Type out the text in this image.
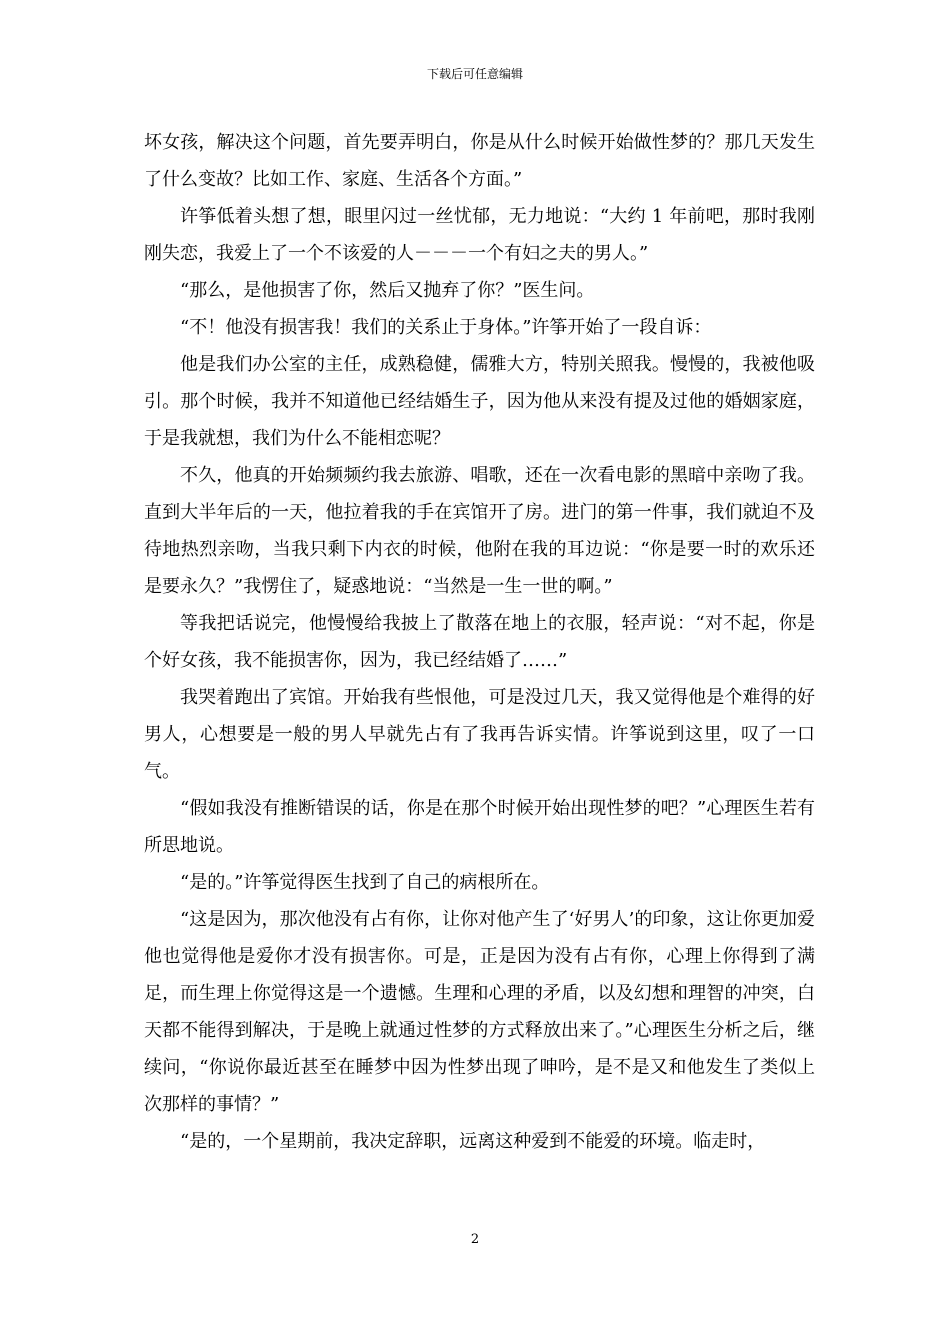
下载后可任意编辑

坏女孩，解决这个问题，首先要弄明白，你是从什么时候开始做性梦的？那几天发生了什么变故？比如工作、家庭、生活各个方面。”

许筝低着头想了想，眼里闪过一丝忧郁，无力地说：“大约 1 年前吧，那时我刚刚失恋，我爱上了一个不该爱的人－－－一个有妇之夫的男人。”

“那么，是他损害了你，然后又抛弃了你？”医生问。

“不！他没有损害我！我们的关系止于身体。”许筝开始了一段自诉：

他是我们办公室的主任，成熟稳健，儒雅大方，特别关照我。慢慢的，我被他吸引。那个时候，我并不知道他已经结婚生子，因为他从来没有提及过他的婚姻家庭，于是我就想，我们为什么不能相恋呢？

不久，他真的开始频频约我去旅游、唱歌，还在一次看电影的黑暗中亲吻了我。直到大半年后的一天，他拉着我的手在宾馆开了房。进门的第一件事，我们就迫不及待地热烈亲吻，当我只剩下内衣的时候，他附在我的耳边说：“你是要一时的欢乐还是要永久？”我愣住了，疑惑地说：“当然是一生一世的啊。”

等我把话说完，他慢慢给我披上了散落在地上的衣服，轻声说：“对不起，你是个好女孩，我不能损害你，因为，我已经结婚了……”

我哭着跑出了宾馆。开始我有些恨他，可是没过几天，我又觉得他是个难得的好男人，心想要是一般的男人早就先占有了我再告诉实情。许筝说到这里，叹了一口气。

“假如我没有推断错误的话，你是在那个时候开始出现性梦的吧？”心理医生若有所思地说。

“是的。”许筝觉得医生找到了自己的病根所在。

“这是因为，那次他没有占有你，让你对他产生了‘好男人’的印象，这让你更加爱他也觉得他是爱你才没有损害你。可是，正是因为没有占有你，心理上你得到了满足，而生理上你觉得这是一个遗憾。生理和心理的矛盾，以及幻想和理智的冲突，白天都不能得到解决，于是晚上就通过性梦的方式释放出来了。”心理医生分析之后，继续问，“你说你最近甚至在睡梦中因为性梦出现了呻吟，是不是又和他发生了类似上次那样的事情？”

“是的，一个星期前，我决定辞职，远离这种爱到不能爱的环境。临走时，

2
